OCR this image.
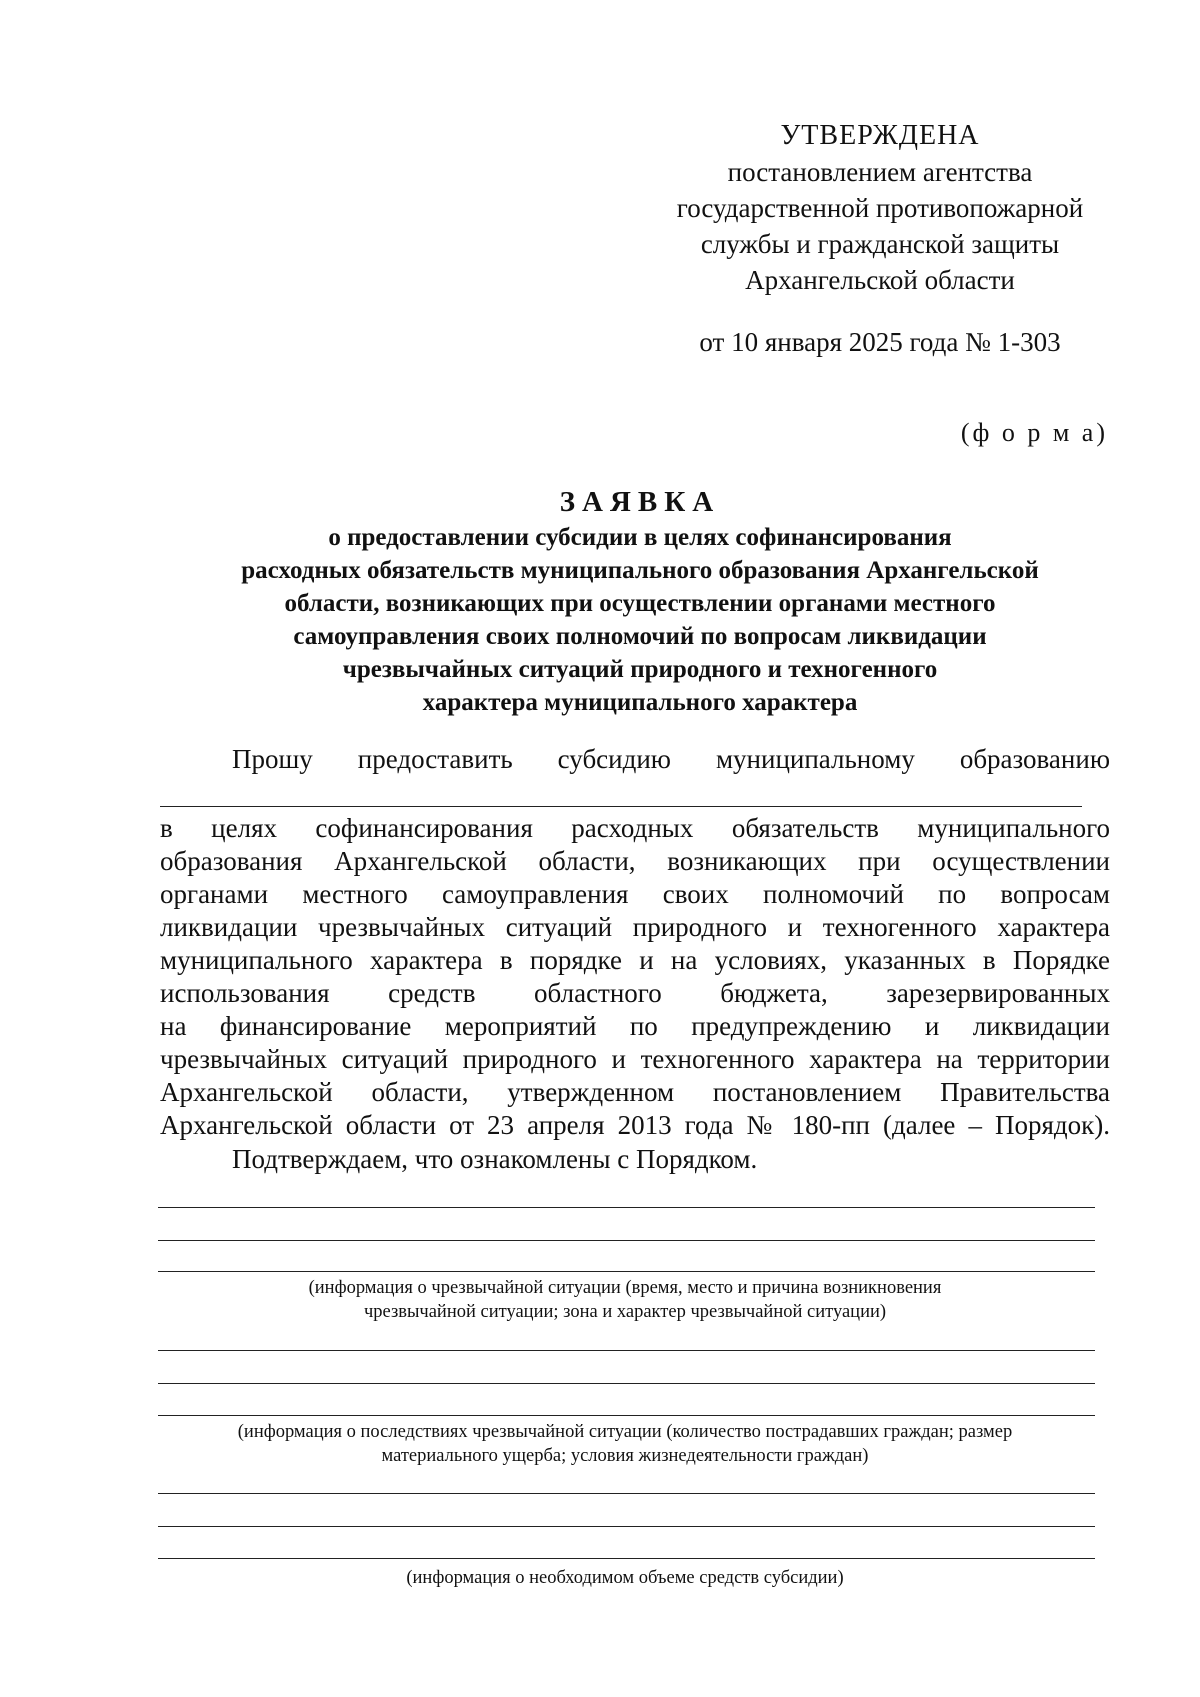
УТВЕРЖДЕНА
постановлением агентства
государственной противопожарной
службы и гражданской защиты
Архангельской области
от 10 января 2025 года № 1-303
(ф о р м а)
ЗАЯВКА
о предоставлении субсидии в целях софинансирования
расходных обязательств муниципального образования Архангельской
области, возникающих при осуществлении органами местного
самоуправления своих полномочий по вопросам ликвидации
чрезвычайных ситуаций природного и техногенного
характера муниципального характера
Прошу предоставить субсидию муниципальному образованию
в целях софинансирования расходных обязательств муниципального
образования Архангельской области, возникающих при осуществлении
органами местного самоуправления своих полномочий по вопросам
ликвидации чрезвычайных ситуаций природного и техногенного характера
муниципального характера в порядке и на условиях, указанных в Порядке
использования средств областного бюджета, зарезервированных
на финансирование мероприятий по предупреждению и ликвидации
чрезвычайных ситуаций природного и техногенного характера на территории
Архангельской области, утвержденном постановлением Правительства
Архангельской области от 23 апреля 2013 года № 180-пп (далее – Порядок).
Подтверждаем, что ознакомлены с Порядком.
(информация о чрезвычайной ситуации (время, место и причина возникновения
чрезвычайной ситуации; зона и характер чрезвычайной ситуации)
(информация о последствиях чрезвычайной ситуации (количество пострадавших граждан; размер
материального ущерба; условия жизнедеятельности граждан)
(информация о необходимом объеме средств субсидии)
